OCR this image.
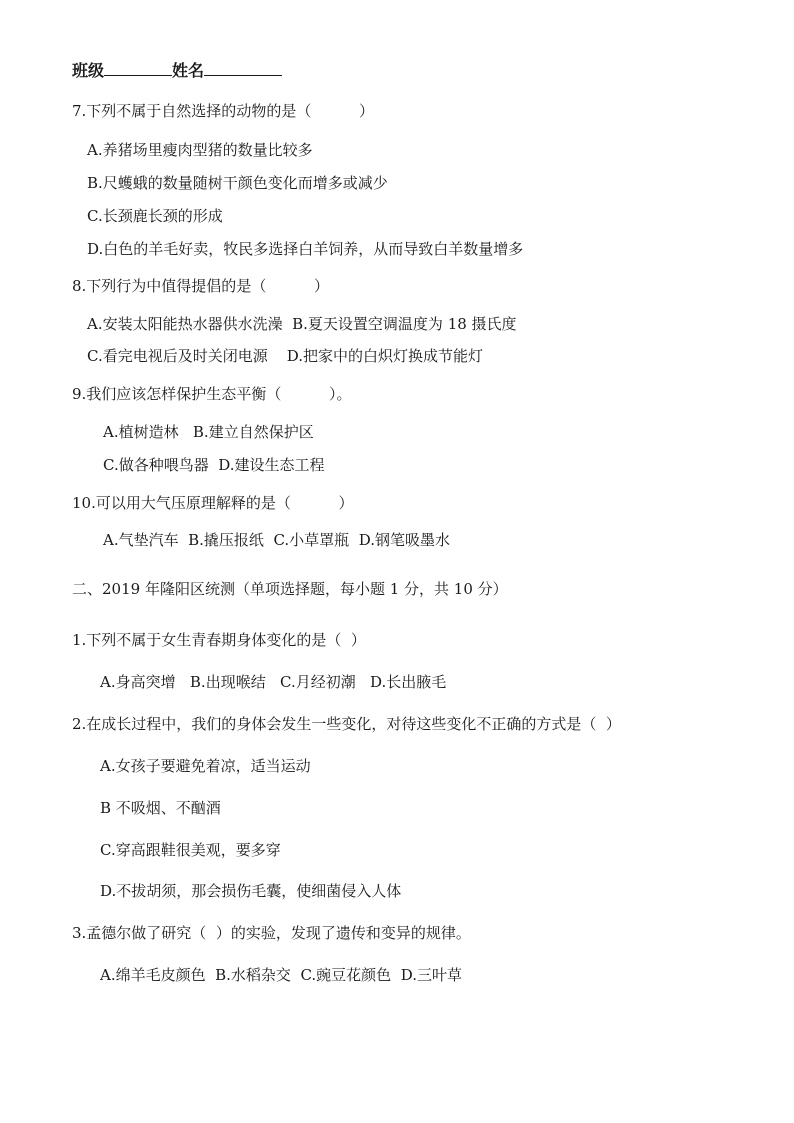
班级	姓名
7.下列不属于自然选择的动物的是（          ）
A.养猪场里瘦肉型猪的数量比较多
B.尺蠖蛾的数量随树干颜色变化而增多或减少
C.长颈鹿长颈的形成
D.白色的羊毛好卖，牧民多选择白羊饲养，从而导致白羊数量增多
8.下列行为中值得提倡的是（          ）
A.安装太阳能热水器供水洗澡  B.夏天设置空调温度为 18 摄氏度
C.看完电视后及时关闭电源    D.把家中的白炽灯换成节能灯
9.我们应该怎样保护生态平衡（          ）。
A.植树造林   B.建立自然保护区
C.做各种喂鸟器  D.建设生态工程
10.可以用大气压原理解释的是（          ）
A.气垫汽车  B.撬压报纸  C.小草罩瓶  D.钢笔吸墨水
二、2019 年隆阳区统测（单项选择题，每小题 1 分，共 10 分）
1.下列不属于女生青春期身体变化的是（  ）
A.身高突增   B.出现喉结   C.月经初潮   D.长出腋毛
2.在成长过程中，我们的身体会发生一些变化，对待这些变化不正确的方式是（  ）
A.女孩子要避免着凉，适当运动
B 不吸烟、不酗酒
C.穿高跟鞋很美观，要多穿
D.不拔胡须，那会损伤毛囊，使细菌侵入人体
3.孟德尔做了研究（  ）的实验，发现了遗传和变异的规律。
A.绵羊毛皮颜色  B.水稻杂交  C.豌豆花颜色  D.三叶草
